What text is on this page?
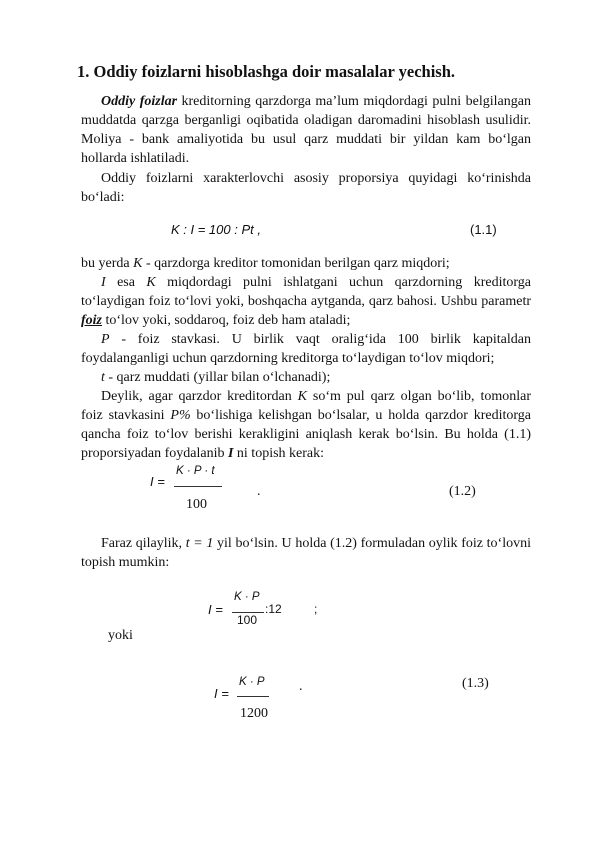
1. Oddiy foizlarni hisoblashga doir masalalar yechish.
Oddiy foizlar kreditorning qarzdorga ma’lum miqdordagi pulni belgilangan muddatda qarzga berganligi oqibatida oladigan daromadini hisoblash usulidir. Moliya - bank amaliyotida bu usul qarz muddati bir yildan kam bo‘lgan hollarda ishlatiladi.
Oddiy foizlarni xarakterlovchi asosiy proporsiya quyidagi ko‘rinishda bo‘ladi:
K : I = 100 : Pt ,	(1.1)
bu yerda K - qarzdorga kreditor tomonidan berilgan qarz miqdori;
I esa K miqdordagi pulni ishlatgani uchun qarzdorning kreditorga to‘laydigan foiz to‘lovi yoki, boshqacha aytganda, qarz bahosi. Ushbu parametr foiz to‘lov yoki, soddaroq, foiz deb ham ataladi;
P - foiz stavkasi. U birlik vaqt oralig‘ida 100 birlik kapitaldan foydalanganligi uchun qarzdorning kreditorga to‘laydigan to‘lov miqdori;
t - qarz muddati (yillar bilan o‘lchanadi);
Deylik, agar qarzdor kreditordan K so‘m pul qarz olgan bo‘lib, tomonlar foiz stavkasini P% bo‘lishiga kelishgan bo‘lsalar, u holda qarzdor kreditorga qancha foiz to‘lov berishi kerakligini aniqlash kerak bo‘lsin. Bu holda (1.1) proporsiyadan foydalanib I ni topish kerak:
I =
K · P · t
100
.	(1.2)
Faraz qilaylik, t = 1 yil bo‘lsin. U holda (1.2) formuladan oylik foiz to‘lovni topish mumkin:
I =
K · P
100
:12	;
yoki
I =
K · P
1200
.	(1.3)
